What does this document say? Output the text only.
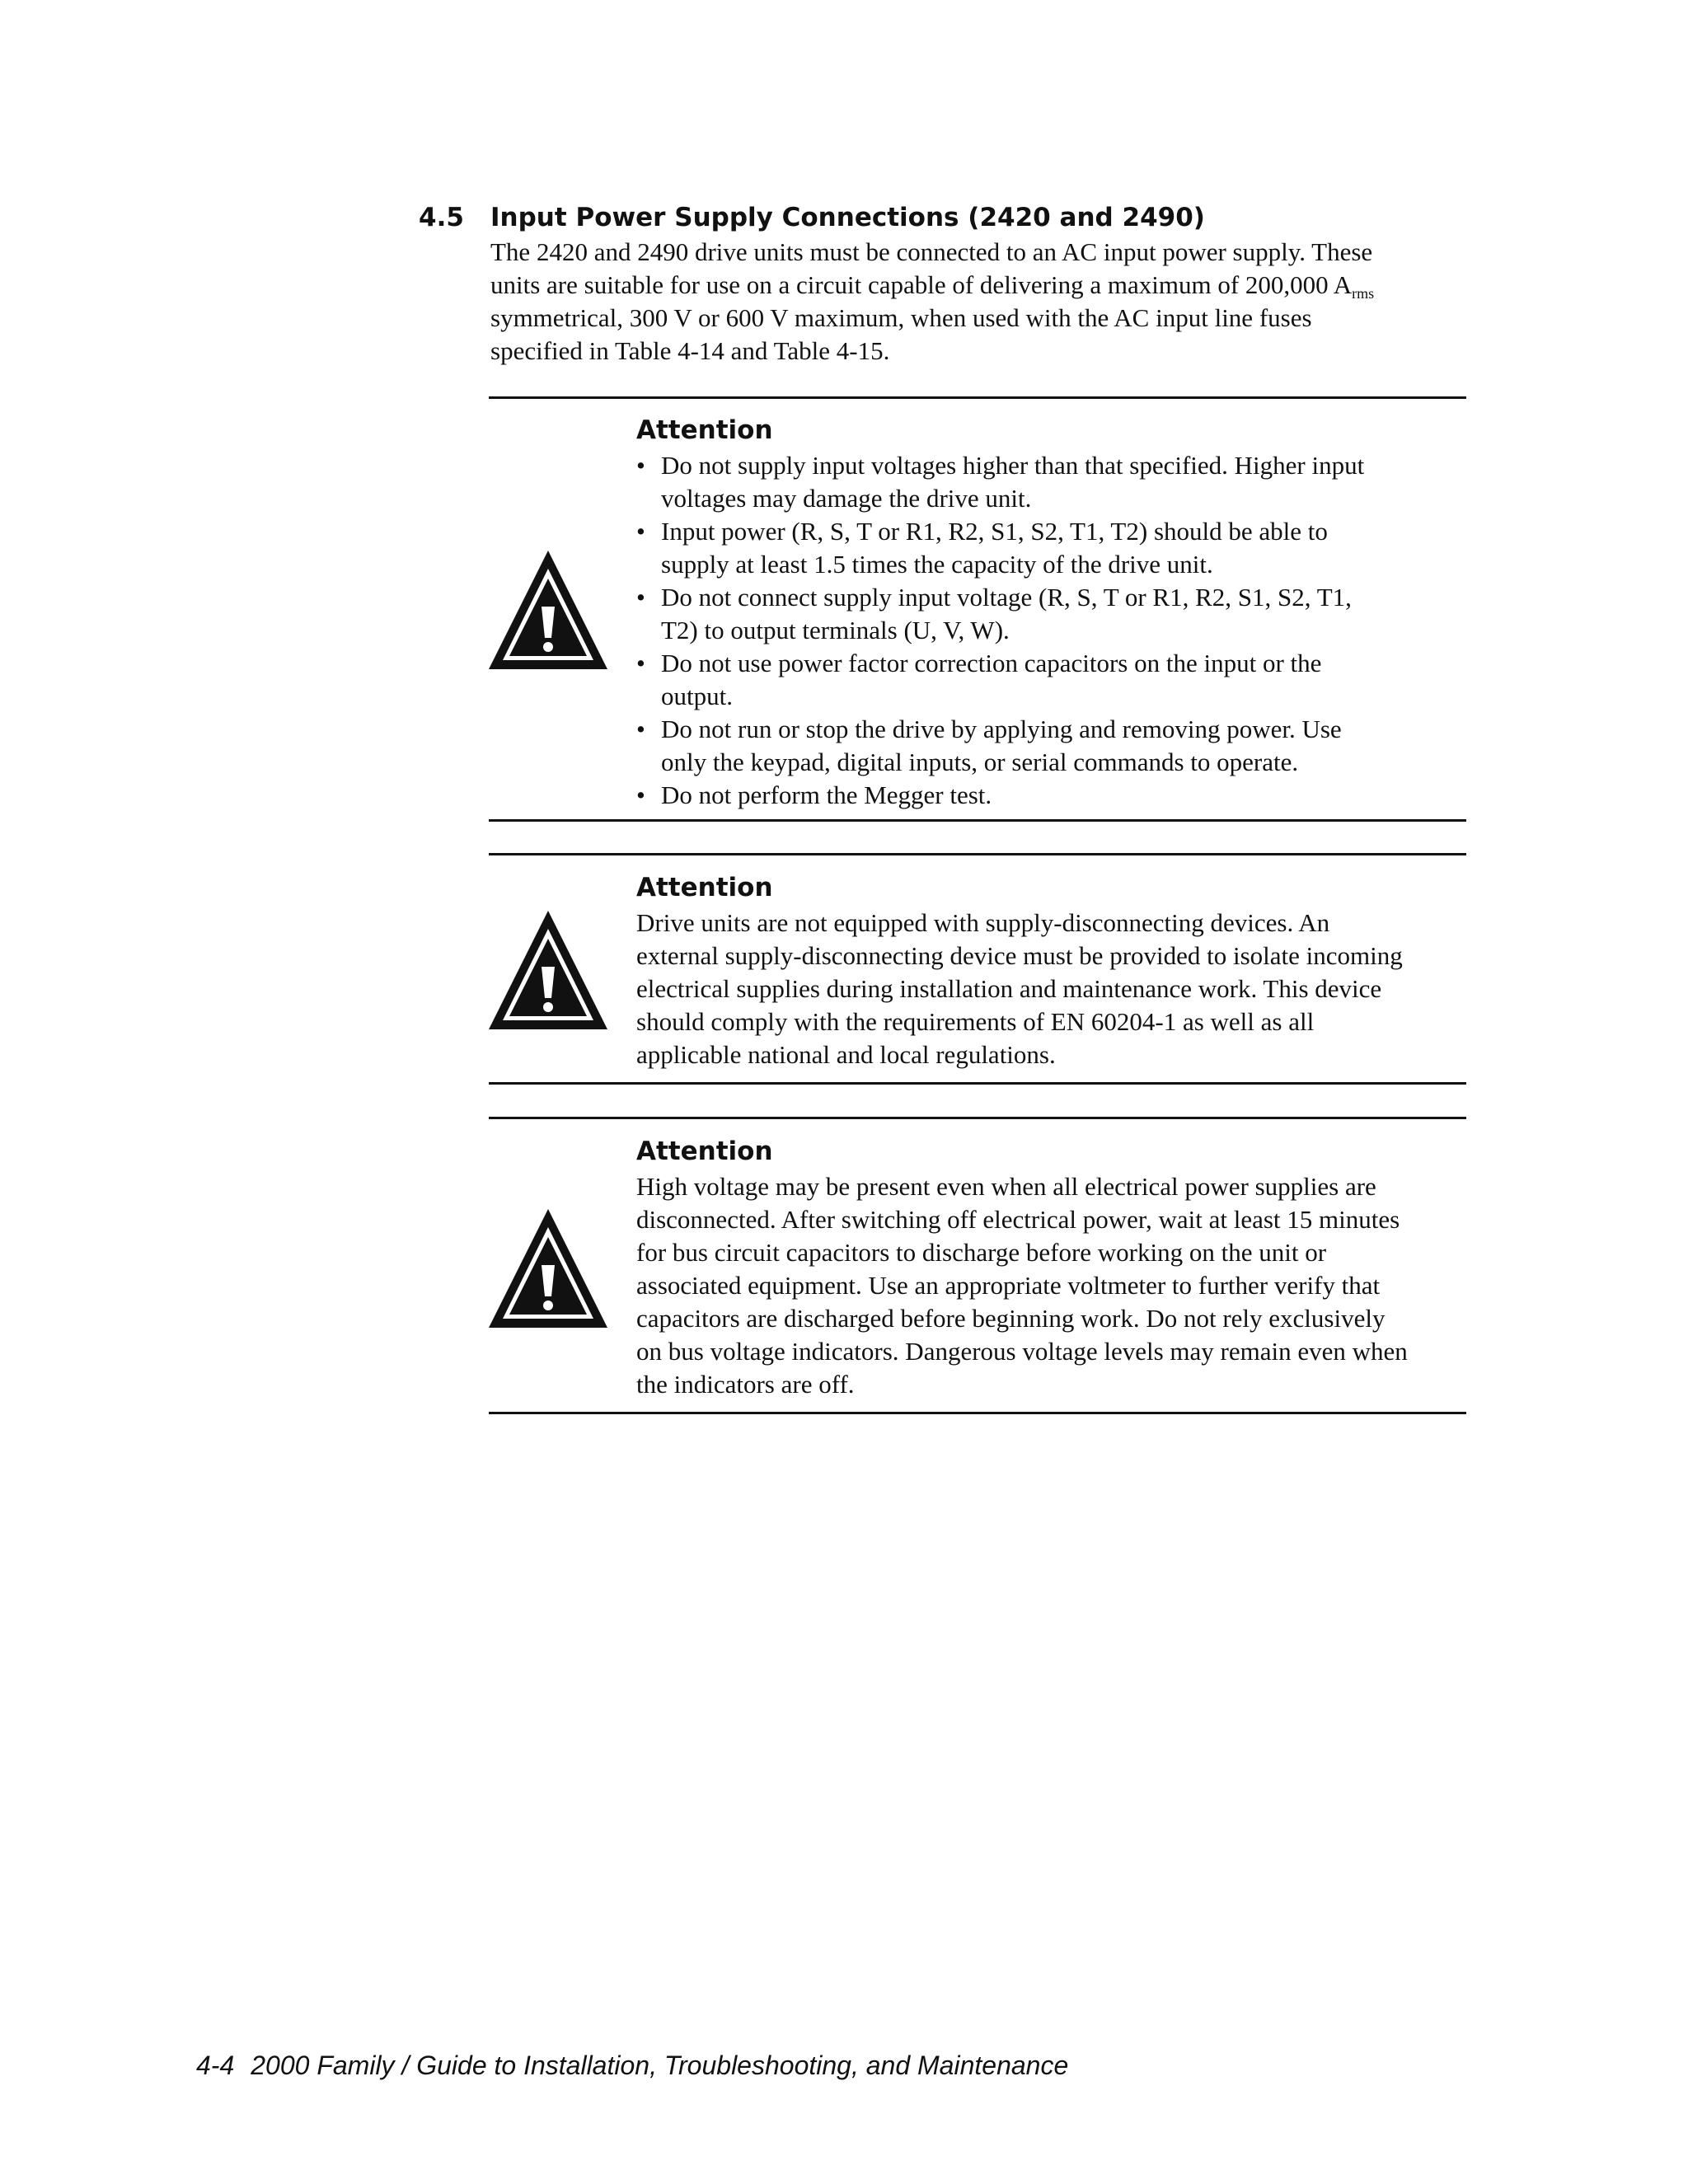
4.5 Input Power Supply Connections (2420 and 2490)
The 2420 and 2490 drive units must be connected to an AC input power supply. These
units are suitable for use on a circuit capable of delivering a maximum of 200,000 $A_{rms}$
symmetrical, 300 V or 600 V maximum, when used with the AC input line fuses
specified in Table 4-14 and Table 4-15.
Attention
• Do not supply input voltages higher than that specified. Higher input
voltages may damage the drive unit.
• Input power (R, S, T or R1, R2, S1, S2, T1, T2) should be able to
supply at least 1.5 times the capacity of the drive unit.
• Do not connect supply input voltage (R, S, T or R1, R2, S1, S2, T1,
T2) to output terminals (U, V, W).
• Do not use power factor correction capacitors on the input or the
output.
• Do not run or stop the drive by applying and removing power. Use
only the keypad, digital inputs, or serial commands to operate.
• Do not perform the Megger test.
Attention
Drive units are not equipped with supply-disconnecting devices. An
external supply-disconnecting device must be provided to isolate incoming
electrical supplies during installation and maintenance work. This device
should comply with the requirements of EN 60204-1 as well as all
applicable national and local regulations.
Attention
High voltage may be present even when all electrical power supplies are
disconnected. After switching off electrical power, wait at least 15 minutes
for bus circuit capacitors to discharge before working on the unit or
associated equipment. Use an appropriate voltmeter to further verify that
capacitors are discharged before beginning work. Do not rely exclusively
on bus voltage indicators. Dangerous voltage levels may remain even when
the indicators are off.
4-4 2000 Family / Guide to Installation, Troubleshooting, and Maintenance
